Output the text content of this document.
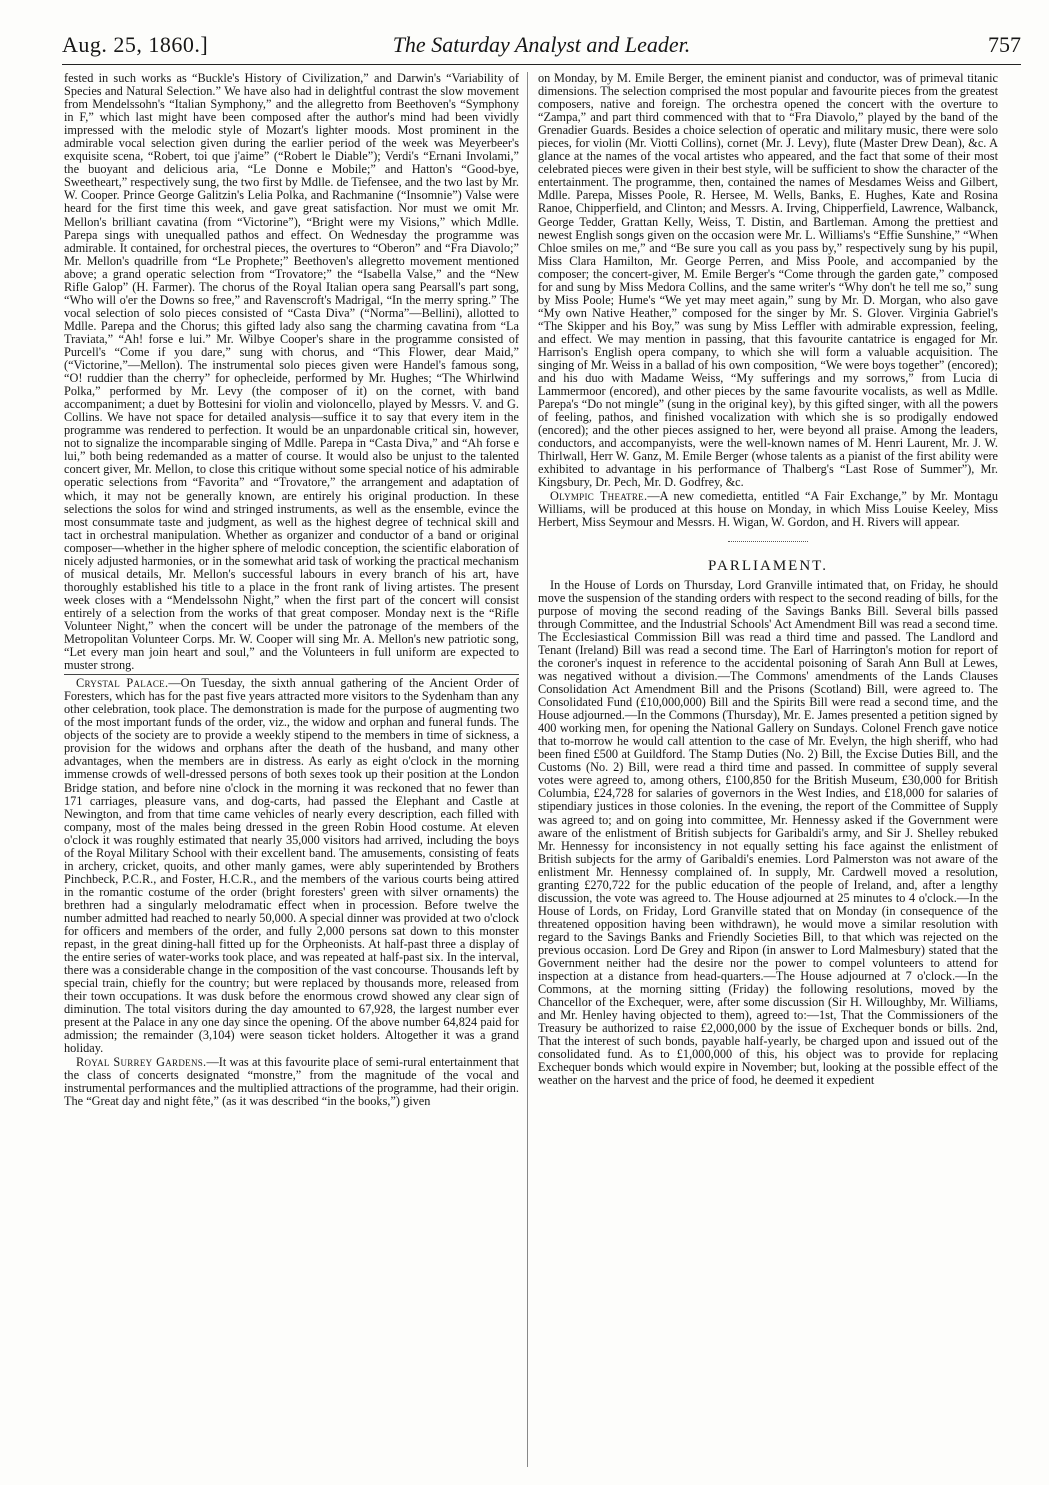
Aug. 25, 1860.]	The Saturday Analyst and Leader.	757

fested in such works as “Buckle's History of Civilization,” and Darwin's “Variability of Species and Natural Selection.” We have also had in delightful contrast the slow movement from Mendelssohn's “Italian Symphony,” and the allegretto from Beethoven's “Symphony in F,” which last might have been composed after the author's mind had been vividly impressed with the melodic style of Mozart's lighter moods. Most prominent in the admirable vocal selection given during the earlier period of the week was Meyerbeer's exquisite scena, “Robert, toi que j'aime” (“Robert le Diable”); Verdi's “Ernani Involami,” the buoyant and delicious aria, “Le Donne e Mobile;” and Hatton's “Good-bye, Sweetheart,” respectively sung, the two first by Mdlle. de Tiefensee, and the two last by Mr. W. Cooper. Prince George Galitzin's Lelia Polka, and Rachmanine (“Insomnie”) Valse were heard for the first time this week, and gave great satisfaction. Nor must we omit Mr. Mellon's brilliant cavatina (from “Victorine”), “Bright were my Visions,” which Mdlle. Parepa sings with unequalled pathos and effect. On Wednesday the programme was admirable. It contained, for orchestral pieces, the overtures to “Oberon” and “Fra Diavolo;” Mr. Mellon's quadrille from “Le Prophete;” Beethoven's allegretto movement mentioned above; a grand operatic selection from “Trovatore;” the “Isabella Valse,” and the “New Rifle Galop” (H. Farmer). The chorus of the Royal Italian opera sang Pearsall's part song, “Who will o'er the Downs so free,” and Ravenscroft's Madrigal, “In the merry spring.” The vocal selection of solo pieces consisted of “Casta Diva” (“Norma”—Bellini), allotted to Mdlle. Parepa and the Chorus; this gifted lady also sang the charming cavatina from “La Traviata,” “Ah! forse e lui.” Mr. Wilbye Cooper's share in the programme consisted of Purcell's “Come if you dare,” sung with chorus, and “This Flower, dear Maid,” (“Victorine,”—Mellon). The instrumental solo pieces given were Handel's famous song, “O! ruddier than the cherry” for ophecleide, performed by Mr. Hughes; “The Whirlwind Polka,” performed by Mr. Levy (the composer of it) on the cornet, with band accompaniment; a duet by Bottesini for violin and violoncello, played by Messrs. V. and G. Collins. We have not space for detailed analysis—suffice it to say that every item in the programme was rendered to perfection. It would be an unpardonable critical sin, however, not to signalize the incomparable singing of Mdlle. Parepa in “Casta Diva,” and “Ah forse e lui,” both being redemanded as a matter of course. It would also be unjust to the talented concert giver, Mr. Mellon, to close this critique without some special notice of his admirable operatic selections from “Favorita” and “Trovatore,” the arrangement and adaptation of which, it may not be generally known, are entirely his original production. In these selections the solos for wind and stringed instruments, as well as the ensemble, evince the most consummate taste and judgment, as well as the highest degree of technical skill and tact in orchestral manipulation. Whether as organizer and conductor of a band or original composer—whether in the higher sphere of melodic conception, the scientific elaboration of nicely adjusted harmonies, or in the somewhat arid task of working the practical mechanism of musical details, Mr. Mellon's successful labours in every branch of his art, have thoroughly established his title to a place in the front rank of living artistes. The present week closes with a “Mendelssohn Night,” when the first part of the concert will consist entirely of a selection from the works of that great composer. Monday next is the “Rifle Volunteer Night,” when the concert will be under the patronage of the members of the Metropolitan Volunteer Corps. Mr. W. Cooper will sing Mr. A. Mellon's new patriotic song, “Let every man join heart and soul,” and the Volunteers in full uniform are expected to muster strong.

Crystal Palace.—On Tuesday, the sixth annual gathering of the Ancient Order of Foresters, which has for the past five years attracted more visitors to the Sydenham than any other celebration, took place. The demonstration is made for the purpose of augmenting two of the most important funds of the order, viz., the widow and orphan and funeral funds. The objects of the society are to provide a weekly stipend to the members in time of sickness, a provision for the widows and orphans after the death of the husband, and many other advantages, when the members are in distress. As early as eight o'clock in the morning immense crowds of well-dressed persons of both sexes took up their position at the London Bridge station, and before nine o'clock in the morning it was reckoned that no fewer than 171 carriages, pleasure vans, and dog-carts, had passed the Elephant and Castle at Newington, and from that time came vehicles of nearly every description, each filled with company, most of the males being dressed in the green Robin Hood costume. At eleven o'clock it was roughly estimated that nearly 35,000 visitors had arrived, including the boys of the Royal Military School with their excellent band. The amusements, consisting of feats in archery, cricket, quoits, and other manly games, were ably superintended by Brothers Pinchbeck, P.C.R., and Foster, H.C.R., and the members of the various courts being attired in the romantic costume of the order (bright foresters' green with silver ornaments) the brethren had a singularly melodramatic effect when in procession. Before twelve the number admitted had reached to nearly 50,000. A special dinner was provided at two o'clock for officers and members of the order, and fully 2,000 persons sat down to this monster repast, in the great dining-hall fitted up for the Orpheonists. At half-past three a display of the entire series of water-works took place, and was repeated at half-past six. In the interval, there was a considerable change in the composition of the vast concourse. Thousands left by special train, chiefly for the country; but were replaced by thousands more, released from their town occupations. It was dusk before the enormous crowd showed any clear sign of diminution. The total visitors during the day amounted to 67,928, the largest number ever present at the Palace in any one day since the opening. Of the above number 64,824 paid for admission; the remainder (3,104) were season ticket holders. Altogether it was a grand holiday.

Royal Surrey Gardens.—It was at this favourite place of semi-rural entertainment that the class of concerts designated “monstre,” from the magnitude of the vocal and instrumental performances and the multiplied attractions of the programme, had their origin. The “Great day and night fête,” (as it was described “in the books,”) given

on Monday, by M. Emile Berger, the eminent pianist and conductor, was of primeval titanic dimensions. The selection comprised the most popular and favourite pieces from the greatest composers, native and foreign. The orchestra opened the concert with the overture to “Zampa,” and part third commenced with that to “Fra Diavolo,” played by the band of the Grenadier Guards. Besides a choice selection of operatic and military music, there were solo pieces, for violin (Mr. Viotti Collins), cornet (Mr. J. Levy), flute (Master Drew Dean), &c. A glance at the names of the vocal artistes who appeared, and the fact that some of their most celebrated pieces were given in their best style, will be sufficient to show the character of the entertainment. The programme, then, contained the names of Mesdames Weiss and Gilbert, Mdlle. Parepa, Misses Poole, R. Hersee, M. Wells, Banks, E. Hughes, Kate and Rosina Ranoe, Chipperfield, and Clinton; and Messrs. A. Irving, Chipperfield, Lawrence, Walbanck, George Tedder, Grattan Kelly, Weiss, T. Distin, and Bartleman. Among the prettiest and newest English songs given on the occasion were Mr. L. Williams's “Effie Sunshine,” “When Chloe smiles on me,” and “Be sure you call as you pass by,” respectively sung by his pupil, Miss Clara Hamilton, Mr. George Perren, and Miss Poole, and accompanied by the composer; the concert-giver, M. Emile Berger's “Come through the garden gate,” composed for and sung by Miss Medora Collins, and the same writer's “Why don't he tell me so,” sung by Miss Poole; Hume's “We yet may meet again,” sung by Mr. D. Morgan, who also gave “My own Native Heather,” composed for the singer by Mr. S. Glover. Virginia Gabriel's “The Skipper and his Boy,” was sung by Miss Leffler with admirable expression, feeling, and effect. We may mention in passing, that this favourite cantatrice is engaged for Mr. Harrison's English opera company, to which she will form a valuable acquisition. The singing of Mr. Weiss in a ballad of his own composition, “We were boys together” (encored); and his duo with Madame Weiss, “My sufferings and my sorrows,” from Lucia di Lammermoor (encored), and other pieces by the same favourite vocalists, as well as Mdlle. Parepa's “Do not mingle” (sung in the original key), by this gifted singer, with all the powers of feeling, pathos, and finished vocalization with which she is so prodigally endowed (encored); and the other pieces assigned to her, were beyond all praise. Among the leaders, conductors, and accompanyists, were the well-known names of M. Henri Laurent, Mr. J. W. Thirlwall, Herr W. Ganz, M. Emile Berger (whose talents as a pianist of the first ability were exhibited to advantage in his performance of Thalberg's “Last Rose of Summer”), Mr. Kingsbury, Dr. Pech, Mr. D. Godfrey, &c.

Olympic Theatre.—A new comedietta, entitled “A Fair Exchange,” by Mr. Montagu Williams, will be produced at this house on Monday, in which Miss Louise Keeley, Miss Herbert, Miss Seymour and Messrs. H. Wigan, W. Gordon, and H. Rivers will appear.

PARLIAMENT.

In the House of Lords on Thursday, Lord Granville intimated that, on Friday, he should move the suspension of the standing orders with respect to the second reading of bills, for the purpose of moving the second reading of the Savings Banks Bill. Several bills passed through Committee, and the Industrial Schools' Act Amendment Bill was read a second time. The Ecclesiastical Commission Bill was read a third time and passed. The Landlord and Tenant (Ireland) Bill was read a second time. The Earl of Harrington's motion for report of the coroner's inquest in reference to the accidental poisoning of Sarah Ann Bull at Lewes, was negatived without a division.—The Commons' amendments of the Lands Clauses Consolidation Act Amendment Bill and the Prisons (Scotland) Bill, were agreed to. The Consolidated Fund (£10,000,000) Bill and the Spirits Bill were read a second time, and the House adjourned.—In the Commons (Thursday), Mr. E. James presented a petition signed by 400 working men, for opening the National Gallery on Sundays. Colonel French gave notice that to-morrow he would call attention to the case of Mr. Evelyn, the high sheriff, who had been fined £500 at Guildford. The Stamp Duties (No. 2) Bill, the Excise Duties Bill, and the Customs (No. 2) Bill, were read a third time and passed. In committee of supply several votes were agreed to, among others, £100,850 for the British Museum, £30,000 for British Columbia, £24,728 for salaries of governors in the West Indies, and £18,000 for salaries of stipendiary justices in those colonies. In the evening, the report of the Committee of Supply was agreed to; and on going into committee, Mr. Hennessy asked if the Government were aware of the enlistment of British subjects for Garibaldi's army, and Sir J. Shelley rebuked Mr. Hennessy for inconsistency in not equally setting his face against the enlistment of British subjects for the army of Garibaldi's enemies. Lord Palmerston was not aware of the enlistment Mr. Hennessy complained of. In supply, Mr. Cardwell moved a resolution, granting £270,722 for the public education of the people of Ireland, and, after a lengthy discussion, the vote was agreed to. The House adjourned at 25 minutes to 4 o'clock.—In the House of Lords, on Friday, Lord Granville stated that on Monday (in consequence of the threatened opposition having been withdrawn), he would move a similar resolution with regard to the Savings Banks and Friendly Societies Bill, to that which was rejected on the previous occasion. Lord De Grey and Ripon (in answer to Lord Malmesbury) stated that the Government neither had the desire nor the power to compel volunteers to attend for inspection at a distance from head-quarters.—The House adjourned at 7 o'clock.—In the Commons, at the morning sitting (Friday) the following resolutions, moved by the Chancellor of the Exchequer, were, after some discussion (Sir H. Willoughby, Mr. Williams, and Mr. Henley having objected to them), agreed to:—1st, That the Commissioners of the Treasury be authorized to raise £2,000,000 by the issue of Exchequer bonds or bills. 2nd, That the interest of such bonds, payable half-yearly, be charged upon and issued out of the consolidated fund. As to £1,000,000 of this, his object was to provide for replacing Exchequer bonds which would expire in November; but, looking at the possible effect of the weather on the harvest and the price of food, he deemed it expedient
